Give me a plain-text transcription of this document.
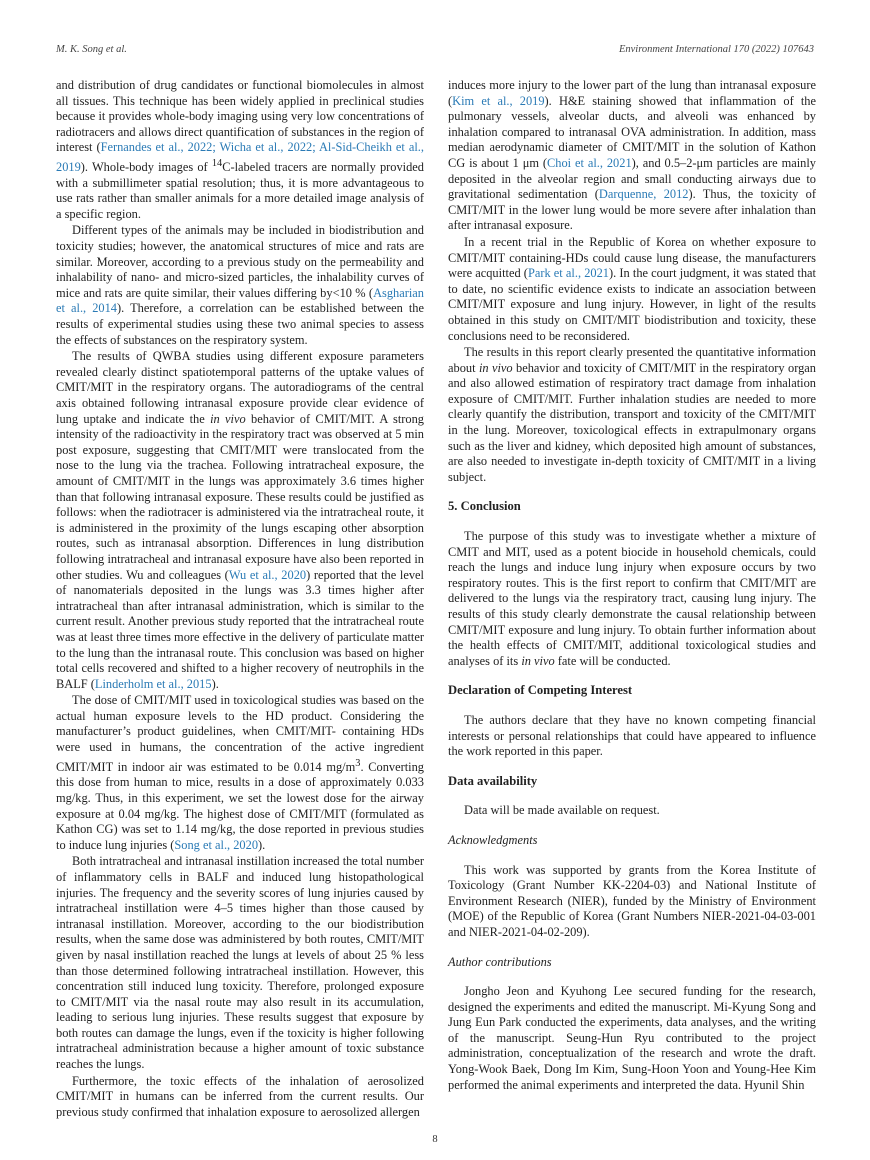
M. K. Song et al.	Environment International 170 (2022) 107643

and distribution of drug candidates or functional biomolecules in almost all tissues. This technique has been widely applied in preclinical studies because it provides whole-body imaging using very low concentrations of radiotracers and allows direct quantification of substances in the region of interest (Fernandes et al., 2022; Wicha et al., 2022; Al-Sid-Cheikh et al., 2019). Whole-body images of $^{14}$C-labeled tracers are normally provided with a submillimeter spatial resolution; thus, it is more advantageous to use rats rather than smaller animals for a more detailed image analysis of a specific region.

Different types of the animals may be included in biodistribution and toxicity studies; however, the anatomical structures of mice and rats are similar. Moreover, according to a previous study on the permeability and inhalability of nano- and micro-sized particles, the inhalability curves of mice and rats are quite similar, their values differing by<10 % (Asgharian et al., 2014). Therefore, a correlation can be established between the results of experimental studies using these two animal species to assess the effects of substances on the respiratory system.

The results of QWBA studies using different exposure parameters revealed clearly distinct spatiotemporal patterns of the uptake values of CMIT/MIT in the respiratory organs. The autoradiograms of the central axis obtained following intranasal exposure provide clear evidence of lung uptake and indicate the in vivo behavior of CMIT/MIT. A strong intensity of the radioactivity in the respiratory tract was observed at 5 min post exposure, suggesting that CMIT/MIT were translocated from the nose to the lung via the trachea. Following intratracheal exposure, the amount of CMIT/MIT in the lungs was approximately 3.6 times higher than that following intranasal exposure. These results could be justified as follows: when the radiotracer is administered via the intratracheal route, it is administered in the proximity of the lungs escaping other absorption routes, such as intranasal absorption. Differences in lung distribution following intratracheal and intranasal exposure have also been reported in other studies. Wu and colleagues (Wu et al., 2020) reported that the level of nanomaterials deposited in the lungs was 3.3 times higher after intratracheal than after intranasal administration, which is similar to the current result. Another previous study reported that the intratracheal route was at least three times more effective in the delivery of particulate matter to the lung than the intranasal route. This conclusion was based on higher total cells recovered and shifted to a higher recovery of neutrophils in the BALF (Linderholm et al., 2015).

The dose of CMIT/MIT used in toxicological studies was based on the actual human exposure levels to the HD product. Considering the manufacturer’s product guidelines, when CMIT/MIT- containing HDs were used in humans, the concentration of the active ingredient CMIT/MIT in indoor air was estimated to be 0.014 $mg/m^3$. Converting this dose from human to mice, results in a dose of approximately 0.033 mg/kg. Thus, in this experiment, we set the lowest dose for the airway exposure at 0.04 mg/kg. The highest dose of CMIT/MIT (formulated as Kathon CG) was set to 1.14 mg/kg, the dose reported in previous studies to induce lung injuries (Song et al., 2020).

Both intratracheal and intranasal instillation increased the total number of inflammatory cells in BALF and induced lung histopathological injuries. The frequency and the severity scores of lung injuries caused by intratracheal instillation were 4–5 times higher than those caused by intranasal instillation. Moreover, according to the our biodistribution results, when the same dose was administered by both routes, CMIT/MIT given by nasal instillation reached the lungs at levels of about 25 % less than those determined following intratracheal instillation. However, this concentration still induced lung toxicity. Therefore, prolonged exposure to CMIT/MIT via the nasal route may also result in its accumulation, leading to serious lung injuries. These results suggest that exposure by both routes can damage the lungs, even if the toxicity is higher following intratracheal administration because a higher amount of toxic substance reaches the lungs.

Furthermore, the toxic effects of the inhalation of aerosolized CMIT/MIT in humans can be inferred from the current results. Our previous study confirmed that inhalation exposure to aerosolized allergen

induces more injury to the lower part of the lung than intranasal exposure (Kim et al., 2019). H&E staining showed that inflammation of the pulmonary vessels, alveolar ducts, and alveoli was enhanced by inhalation compared to intranasal OVA administration. In addition, mass median aerodynamic diameter of CMIT/MIT in the solution of Kathon CG is about 1 μm (Choi et al., 2021), and 0.5–2-μm particles are mainly deposited in the alveolar region and small conducting airways due to gravitational sedimentation (Darquenne, 2012). Thus, the toxicity of CMIT/MIT in the lower lung would be more severe after inhalation than after intranasal exposure.

In a recent trial in the Republic of Korea on whether exposure to CMIT/MIT containing-HDs could cause lung disease, the manufacturers were acquitted (Park et al., 2021). In the court judgment, it was stated that to date, no scientific evidence exists to indicate an association between CMIT/MIT exposure and lung injury. However, in light of the results obtained in this study on CMIT/MIT biodistribution and toxicity, these conclusions need to be reconsidered.

The results in this report clearly presented the quantitative information about in vivo behavior and toxicity of CMIT/MIT in the respiratory organ and also allowed estimation of respiratory tract damage from inhalation exposure of CMIT/MIT. Further inhalation studies are needed to more clearly quantify the distribution, transport and toxicity of the CMIT/MIT in the lung. Moreover, toxicological effects in extrapulmonary organs such as the liver and kidney, which deposited high amount of substances, are also needed to investigate in-depth toxicity of CMIT/MIT in a living subject.

5. Conclusion

The purpose of this study was to investigate whether a mixture of CMIT and MIT, used as a potent biocide in household chemicals, could reach the lungs and induce lung injury when exposure occurs by two respiratory routes. This is the first report to confirm that CMIT/MIT are delivered to the lungs via the respiratory tract, causing lung injury. The results of this study clearly demonstrate the causal relationship between CMIT/MIT exposure and lung injury. To obtain further information about the health effects of CMIT/MIT, additional toxicological studies and analyses of its in vivo fate will be conducted.

Declaration of Competing Interest

The authors declare that they have no known competing financial interests or personal relationships that could have appeared to influence the work reported in this paper.

Data availability

Data will be made available on request.

Acknowledgments

This work was supported by grants from the Korea Institute of Toxicology (Grant Number KK-2204-03) and National Institute of Environment Research (NIER), funded by the Ministry of Environment (MOE) of the Republic of Korea (Grant Numbers NIER-2021-04-03-001 and NIER-2021-04-02-209).

Author contributions

Jongho Jeon and Kyuhong Lee secured funding for the research, designed the experiments and edited the manuscript. Mi-Kyung Song and Jung Eun Park conducted the experiments, data analyses, and the writing of the manuscript. Seung-Hun Ryu contributed to the project administration, conceptualization of the research and wrote the draft. Yong-Wook Baek, Dong Im Kim, Sung-Hoon Yoon and Young-Hee Kim performed the animal experiments and interpreted the data. Hyunil Shin

8
